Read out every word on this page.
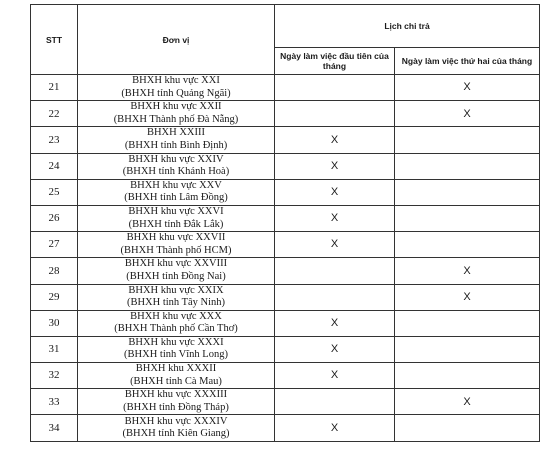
STT	Đơn vị	Lịch chi trả	
		Ngày làm việc đầu tiên của tháng	Ngày làm việc thứ hai của tháng
21	BHXH khu vực XXI
(BHXH tỉnh Quảng Ngãi)		X
22	BHXH khu vực XXII
(BHXH Thành phố Đà Nẵng)		X
23	BHXH XXIII
(BHXH tỉnh Bình Định)	X	
24	BHXH khu vực XXIV
(BHXH tỉnh Khánh Hoà)	X	
25	BHXH khu vực XXV
(BHXH tỉnh Lâm Đồng)	X	
26	BHXH khu vực XXVI
(BHXH tỉnh Đắk Lắk)	X	
27	BHXH khu vực XXVII
(BHXH Thành phố HCM)	X	
28	BHXH khu vực XXVIII
(BHXH tỉnh Đồng Nai)		X
29	BHXH khu vực XXIX
(BHXH tỉnh Tây Ninh)		X
30	BHXH khu vực XXX
(BHXH Thành phố Cần Thơ)	X	
31	BHXH khu vực XXXI
(BHXH tỉnh Vĩnh Long)	X	
32	BHXH khu XXXII
(BHXH tỉnh Cà Mau)	X	
33	BHXH khu vực XXXIII
(BHXH tỉnh Đồng Tháp)		X
34	BHXH khu vực XXXIV
(BHXH tỉnh Kiên Giang)	X	
